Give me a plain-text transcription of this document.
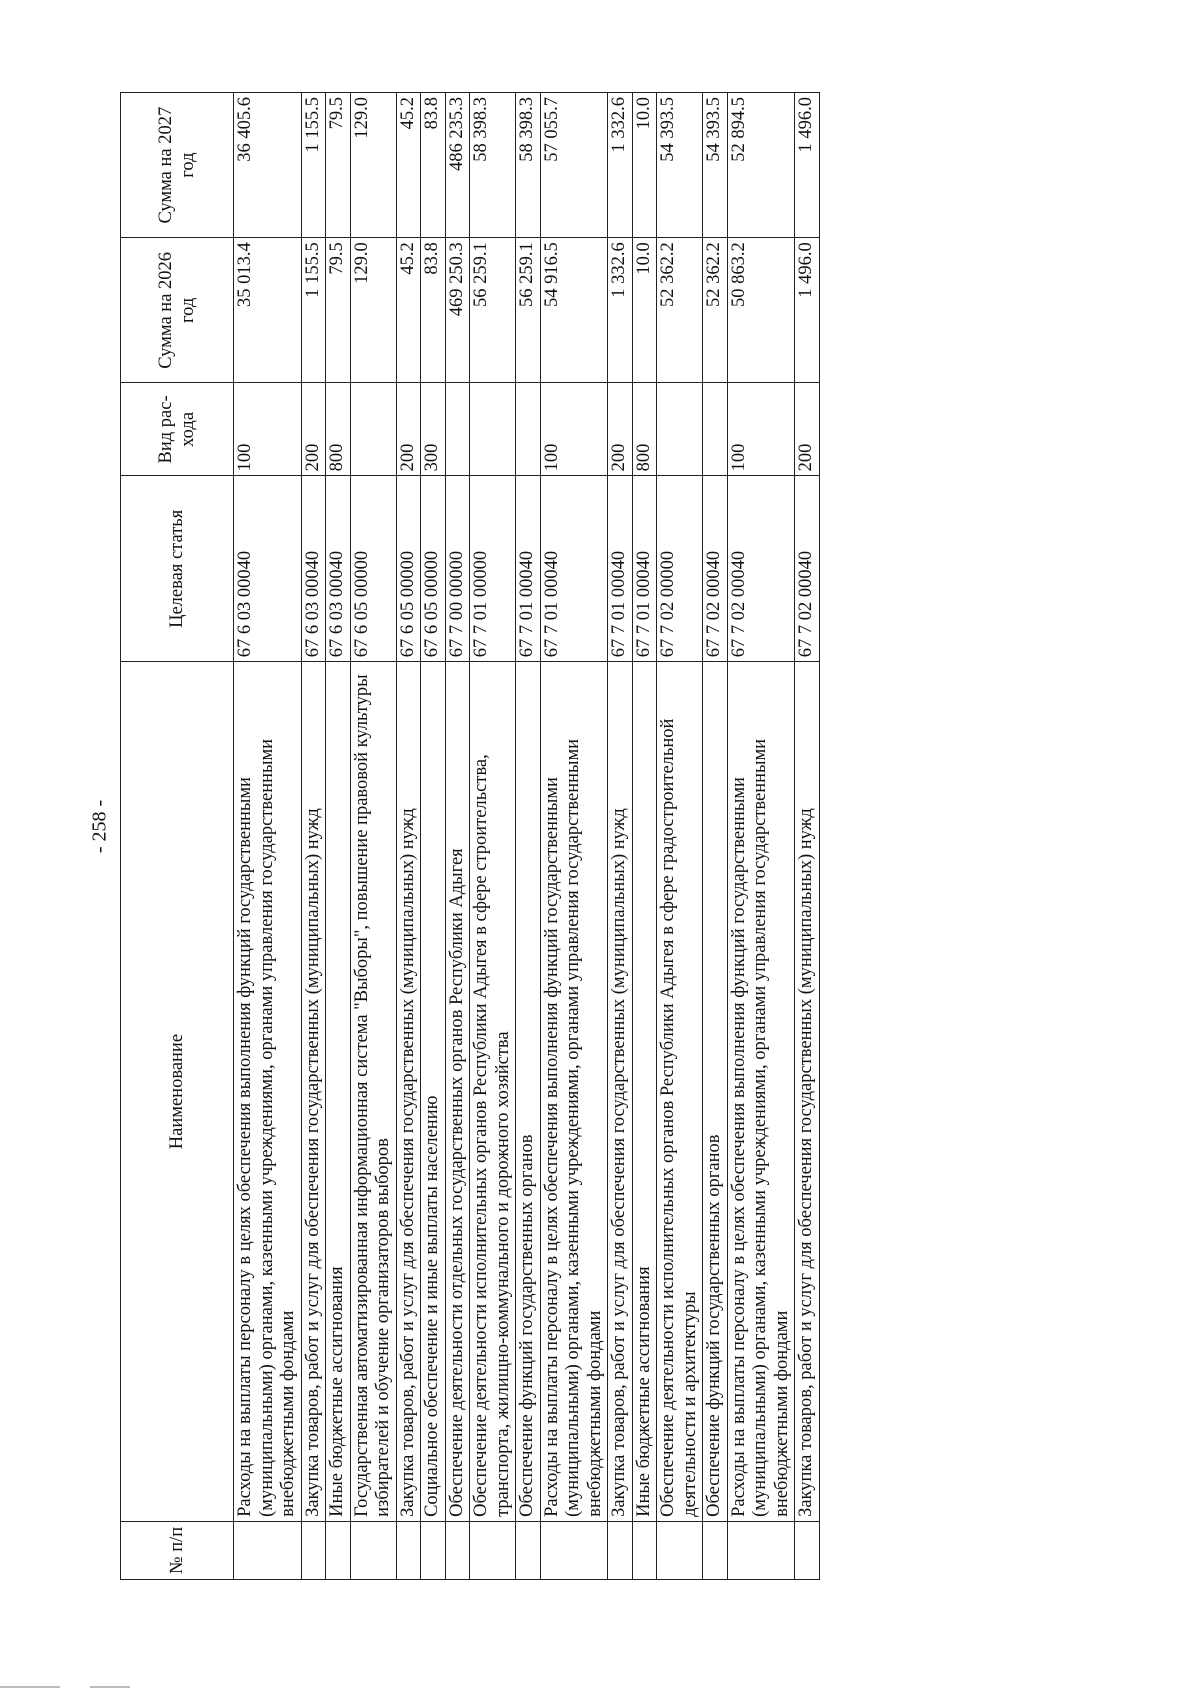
- 258 -
№ п/п	Наименование	Целевая статья	Вид рас-хода	Сумма на 2026 год	Сумма на 2027 год
	Расходы на выплаты персоналу в целях обеспечения выполнения функций государственными (муниципальными) органами, казенными учреждениями, органами управления государственными внебюджетными фондами	67 6 03 00040	100	35 013.4	36 405.6
	Закупка товаров, работ и услуг для обеспечения государственных (муниципальных) нужд	67 6 03 00040	200	1 155.5	1 155.5
	Иные бюджетные ассигнования	67 6 03 00040	800	79.5	79.5
	Государственная автоматизированная информационная система "Выборы", повышение правовой культуры избирателей и обучение организаторов выборов	67 6 05 00000		129.0	129.0
	Закупка товаров, работ и услуг для обеспечения государственных (муниципальных) нужд	67 6 05 00000	200	45.2	45.2
	Социальное обеспечение и иные выплаты населению	67 6 05 00000	300	83.8	83.8
	Обеспечение деятельности отдельных государственных органов Республики Адыгея	67 7 00 00000		469 250.3	486 235.3
	Обеспечение деятельности исполнительных органов Республики Адыгея в сфере строительства, транспорта, жилищно-коммунального и дорожного хозяйства	67 7 01 00000		56 259.1	58 398.3
	Обеспечение функций государственных органов	67 7 01 00040		56 259.1	58 398.3
	Расходы на выплаты персоналу в целях обеспечения выполнения функций государственными (муниципальными) органами, казенными учреждениями, органами управления государственными внебюджетными фондами	67 7 01 00040	100	54 916.5	57 055.7
	Закупка товаров, работ и услуг для обеспечения государственных (муниципальных) нужд	67 7 01 00040	200	1 332.6	1 332.6
	Иные бюджетные ассигнования	67 7 01 00040	800	10.0	10.0
	Обеспечение деятельности исполнительных органов Республики Адыгея в сфере градостроительной деятельности и архитектуры	67 7 02 00000		52 362.2	54 393.5
	Обеспечение функций государственных органов	67 7 02 00040		52 362.2	54 393.5
	Расходы на выплаты персоналу в целях обеспечения выполнения функций государственными (муниципальными) органами, казенными учреждениями, органами управления государственными внебюджетными фондами	67 7 02 00040	100	50 863.2	52 894.5
	Закупка товаров, работ и услуг для обеспечения государственных (муниципальных) нужд	67 7 02 00040	200	1 496.0	1 496.0
